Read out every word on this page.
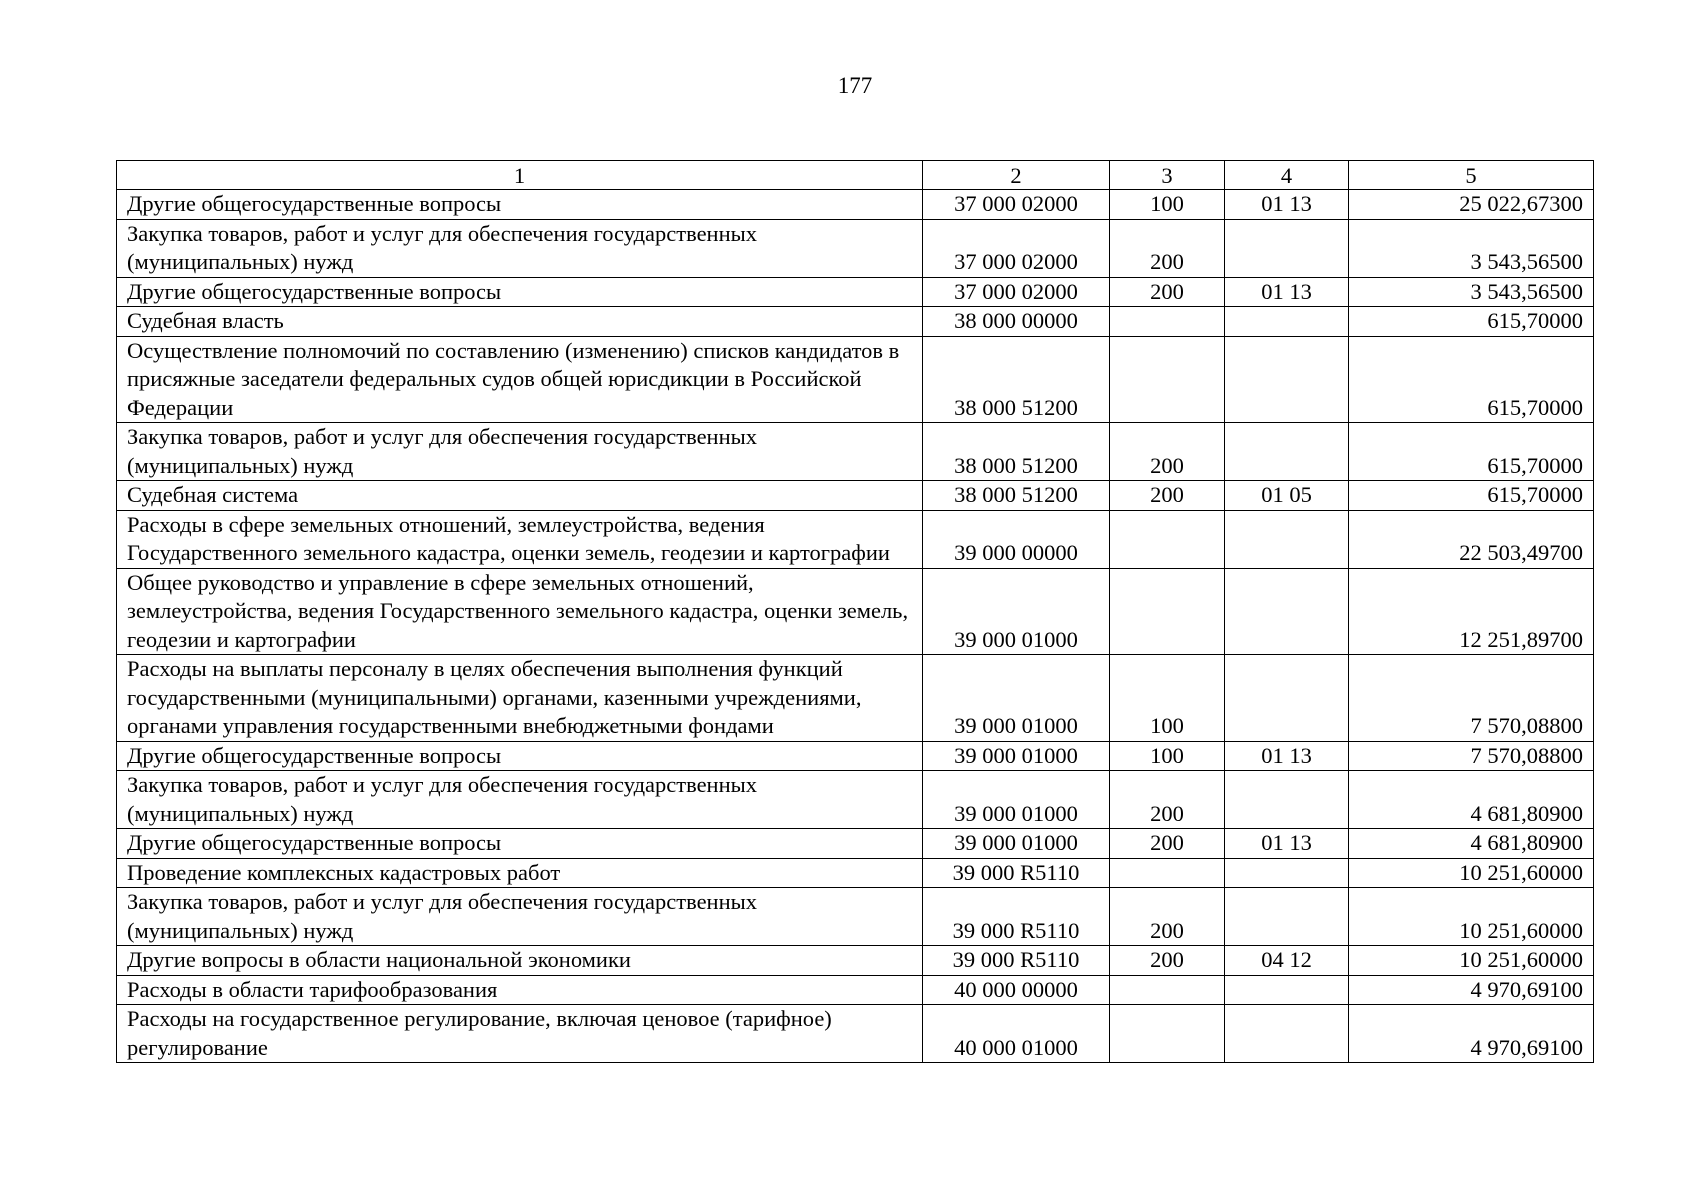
177
1	2	3	4	5
Другие общегосударственные вопросы	37 000 02000	100	01 13	25 022,67300
Закупка товаров, работ и услуг для обеспечения государственных (муниципальных) нужд	37 000 02000	200		3 543,56500
Другие общегосударственные вопросы	37 000 02000	200	01 13	3 543,56500
Судебная власть	38 000 00000			615,70000
Осуществление полномочий по составлению (изменению) списков кандидатов в присяжные заседатели федеральных судов общей юрисдикции в Российской Федерации	38 000 51200			615,70000
Закупка товаров, работ и услуг для обеспечения государственных (муниципальных) нужд	38 000 51200	200		615,70000
Судебная система	38 000 51200	200	01 05	615,70000
Расходы в сфере земельных отношений, землеустройства, ведения Государственного земельного кадастра, оценки земель, геодезии и картографии	39 000 00000			22 503,49700
Общее руководство и управление в сфере земельных отношений, землеустройства, ведения Государственного земельного кадастра, оценки земель, геодезии и картографии	39 000 01000			12 251,89700
Расходы на выплаты персоналу в целях обеспечения выполнения функций государственными (муниципальными) органами, казенными учреждениями, органами управления государственными внебюджетными фондами	39 000 01000	100		7 570,08800
Другие общегосударственные вопросы	39 000 01000	100	01 13	7 570,08800
Закупка товаров, работ и услуг для обеспечения государственных (муниципальных) нужд	39 000 01000	200		4 681,80900
Другие общегосударственные вопросы	39 000 01000	200	01 13	4 681,80900
Проведение комплексных кадастровых работ	39 000 R5110			10 251,60000
Закупка товаров, работ и услуг для обеспечения государственных (муниципальных) нужд	39 000 R5110	200		10 251,60000
Другие вопросы в области национальной экономики	39 000 R5110	200	04 12	10 251,60000
Расходы в области тарифообразования	40 000 00000			4 970,69100
Расходы на государственное регулирование, включая ценовое (тарифное) регулирование	40 000 01000			4 970,69100
